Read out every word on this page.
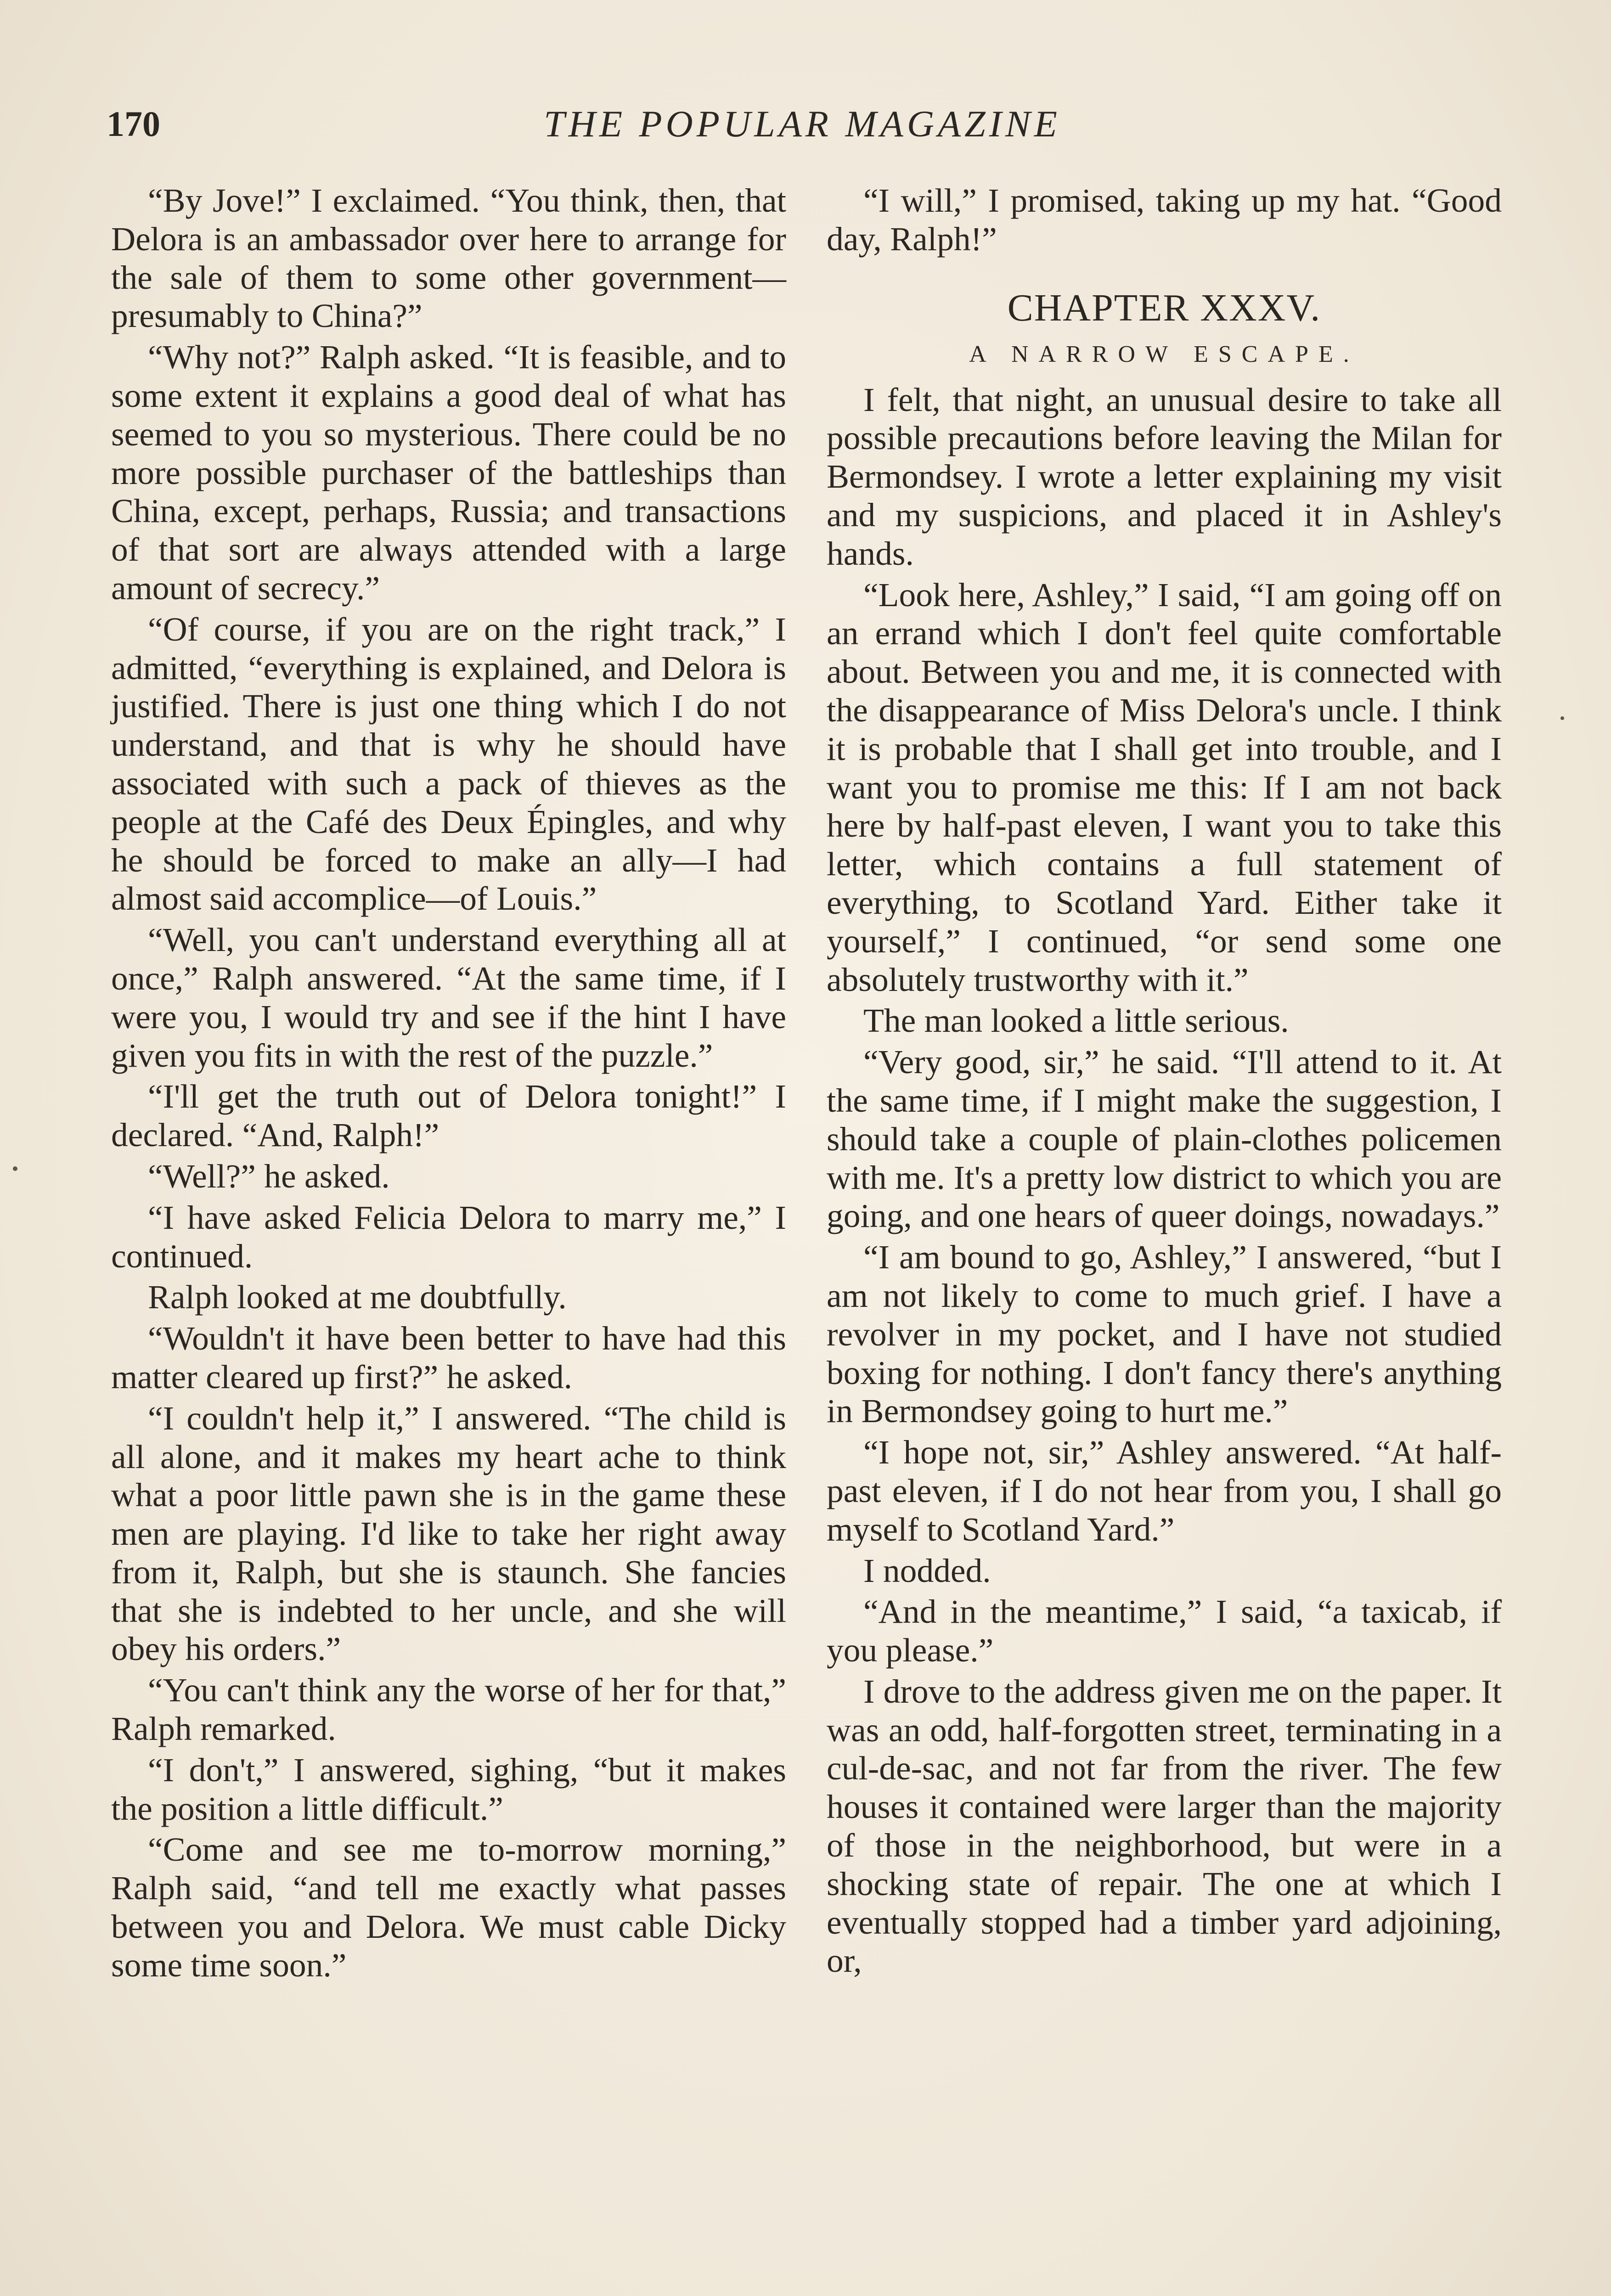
170	THE POPULAR MAGAZINE

“By Jove!” I exclaimed. “You think, then, that Delora is an ambassador over here to arrange for the sale of them to some other government—presumably to China?”

“Why not?” Ralph asked. “It is feasible, and to some extent it explains a good deal of what has seemed to you so mysterious. There could be no more possible purchaser of the battleships than China, except, perhaps, Russia; and transactions of that sort are always attended with a large amount of secrecy.”

“Of course, if you are on the right track,” I admitted, “everything is explained, and Delora is justified. There is just one thing which I do not understand, and that is why he should have associated with such a pack of thieves as the people at the Café des Deux Épingles, and why he should be forced to make an ally—I had almost said accomplice—of Louis.”

“Well, you can't understand everything all at once,” Ralph answered. “At the same time, if I were you, I would try and see if the hint I have given you fits in with the rest of the puzzle.”

“I'll get the truth out of Delora tonight!” I declared. “And, Ralph!”

“Well?” he asked.

“I have asked Felicia Delora to marry me,” I continued.

Ralph looked at me doubtfully.

“Wouldn't it have been better to have had this matter cleared up first?” he asked.

“I couldn't help it,” I answered. “The child is all alone, and it makes my heart ache to think what a poor little pawn she is in the game these men are playing. I'd like to take her right away from it, Ralph, but she is staunch. She fancies that she is indebted to her uncle, and she will obey his orders.”

“You can't think any the worse of her for that,” Ralph remarked.

“I don't,” I answered, sighing, “but it makes the position a little difficult.”

“Come and see me to-morrow morning,” Ralph said, “and tell me exactly what passes between you and Delora. We must cable Dicky some time soon.”

“I will,” I promised, taking up my hat. “Good day, Ralph!”

CHAPTER XXXV.
A NARROW ESCAPE.

I felt, that night, an unusual desire to take all possible precautions before leaving the Milan for Bermondsey. I wrote a letter explaining my visit and my suspicions, and placed it in Ashley's hands.

“Look here, Ashley,” I said, “I am going off on an errand which I don't feel quite comfortable about. Between you and me, it is connected with the disappearance of Miss Delora's uncle. I think it is probable that I shall get into trouble, and I want you to promise me this: If I am not back here by half-past eleven, I want you to take this letter, which contains a full statement of everything, to Scotland Yard. Either take it yourself,” I continued, “or send some one absolutely trustworthy with it.”

The man looked a little serious.

“Very good, sir,” he said. “I'll attend to it. At the same time, if I might make the suggestion, I should take a couple of plain-clothes policemen with me. It's a pretty low district to which you are going, and one hears of queer doings, nowadays.”

“I am bound to go, Ashley,” I answered, “but I am not likely to come to much grief. I have a revolver in my pocket, and I have not studied boxing for nothing. I don't fancy there's anything in Bermondsey going to hurt me.”

“I hope not, sir,” Ashley answered. “At half-past eleven, if I do not hear from you, I shall go myself to Scotland Yard.”

I nodded.

“And in the meantime,” I said, “a taxicab, if you please.”

I drove to the address given me on the paper. It was an odd, half-forgotten street, terminating in a cul-de-sac, and not far from the river. The few houses it contained were larger than the majority of those in the neighborhood, but were in a shocking state of repair. The one at which I eventually stopped had a timber yard adjoining, or,
